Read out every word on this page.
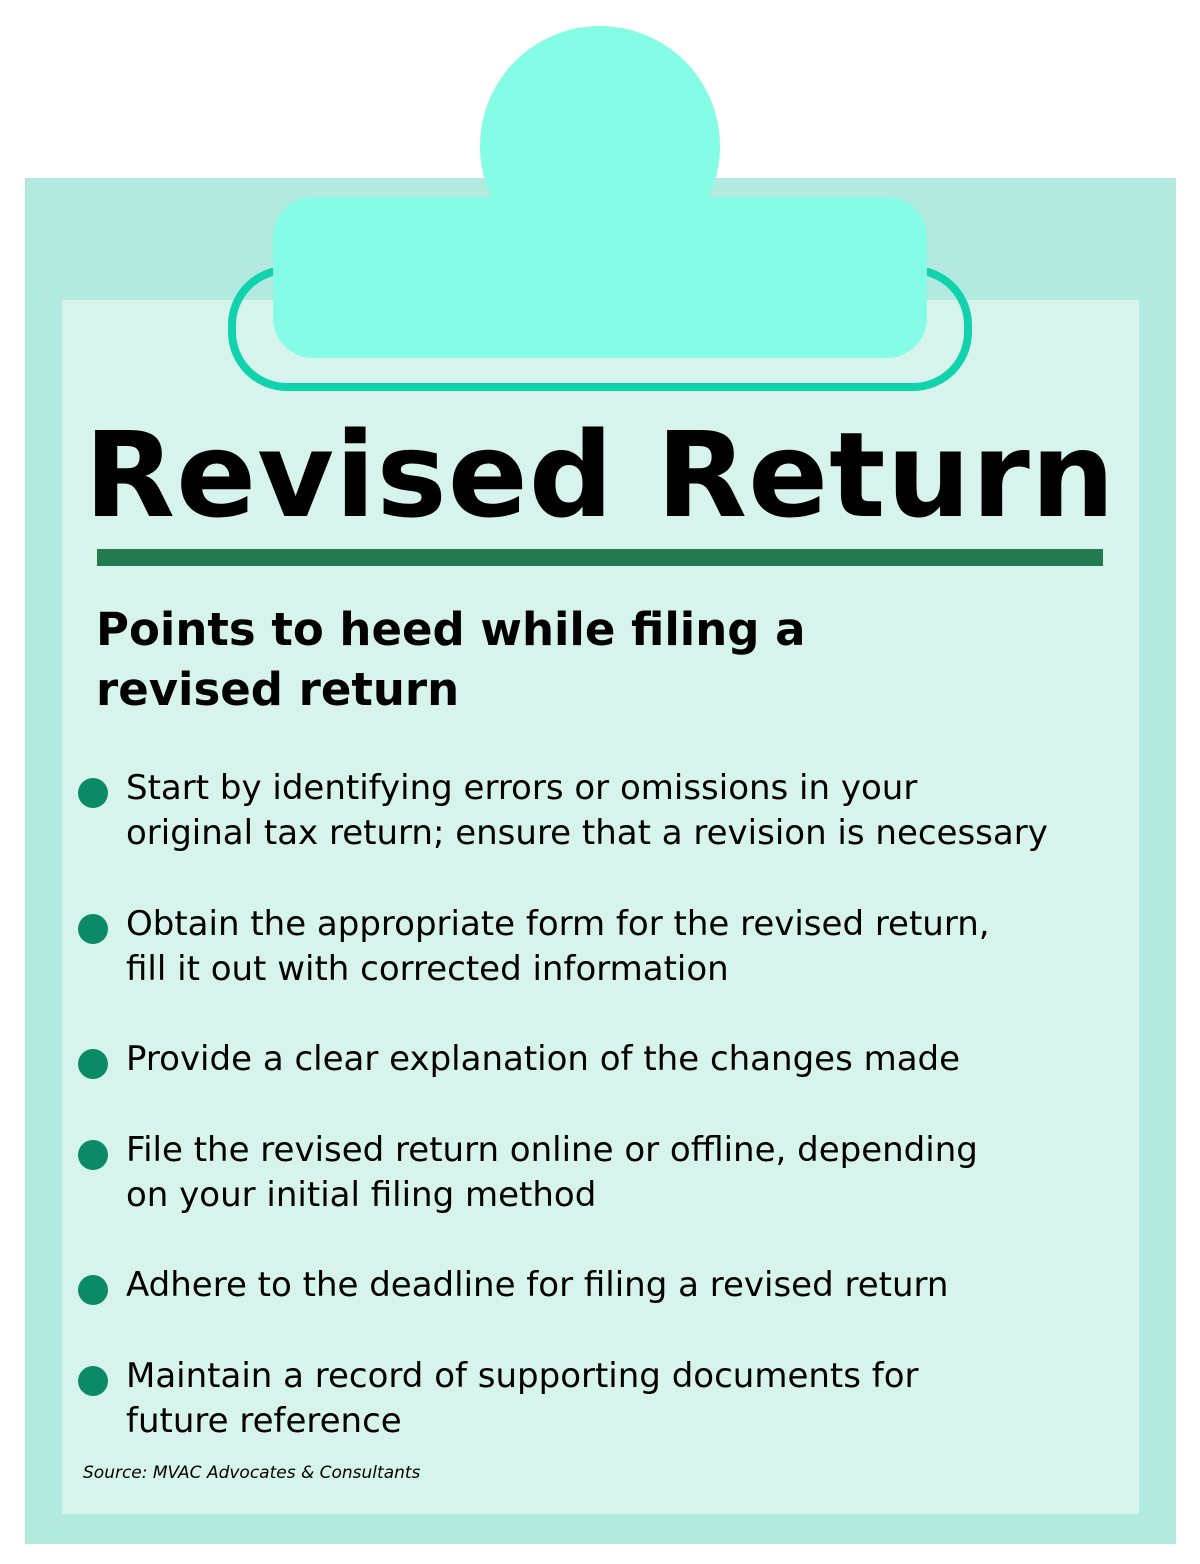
Revised Return
Points to heed while filing a
revised return
Start by identifying errors or omissions in your
original tax return; ensure that a revision is necessary
Obtain the appropriate form for the revised return,
fill it out with corrected information
Provide a clear explanation of the changes made
File the revised return online or offline, depending
on your initial filing method
Adhere to the deadline for filing a revised return
Maintain a record of supporting documents for
future reference
Source: MVAC Advocates & Consultants
